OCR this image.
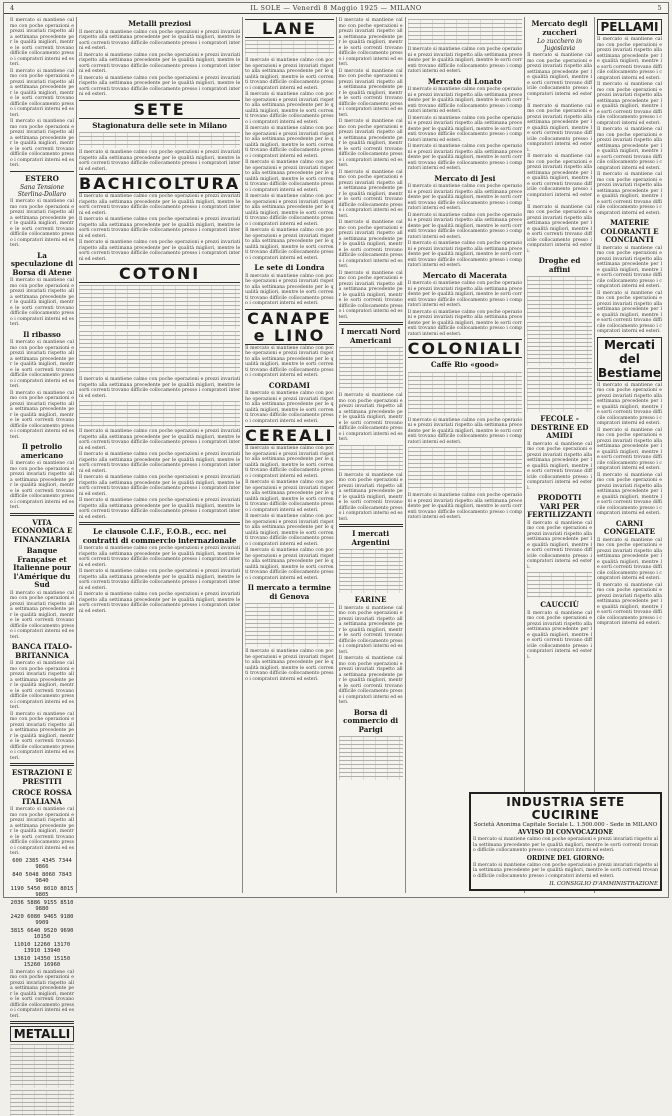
4	IL SOLE — Venerdì 8 Maggio 1925 — MILANO	5
Il mercato si mantiene calmo con poche operazioni e prezzi invariati rispetto alla settimana precedente per le qualità migliori, mentre le sorti correnti trovano difficile collocamento presso i compratori interni ed esteri.
Il mercato si mantiene calmo con poche operazioni e prezzi invariati rispetto alla settimana precedente per le qualità migliori, mentre le sorti correnti trovano difficile collocamento presso i compratori interni ed esteri.
Il mercato si mantiene calmo con poche operazioni e prezzi invariati rispetto alla settimana precedente per le qualità migliori, mentre le sorti correnti trovano difficile collocamento presso i compratori interni ed esteri.
ESTERO
Sana Tensione Sterlina-Dollaro
Il mercato si mantiene calmo con poche operazioni e prezzi invariati rispetto alla settimana precedente per le qualità migliori, mentre le sorti correnti trovano difficile collocamento presso i compratori interni ed esteri.
La speculazione di Borsa di Atene
Il mercato si mantiene calmo con poche operazioni e prezzi invariati rispetto alla settimana precedente per le qualità migliori, mentre le sorti correnti trovano difficile collocamento presso i compratori interni ed esteri.
Il ribasso
Il mercato si mantiene calmo con poche operazioni e prezzi invariati rispetto alla settimana precedente per le qualità migliori, mentre le sorti correnti trovano difficile collocamento presso i compratori interni ed esteri.
Il mercato si mantiene calmo con poche operazioni e prezzi invariati rispetto alla settimana precedente per le qualità migliori, mentre le sorti correnti trovano difficile collocamento presso i compratori interni ed esteri.
Il petrolio americano
Il mercato si mantiene calmo con poche operazioni e prezzi invariati rispetto alla settimana precedente per le qualità migliori, mentre le sorti correnti trovano difficile collocamento presso i compratori interni ed esteri.
VITA ECONOMICA E FINANZIARIA
Banque Française et Italienne pour l'Amérique du Sud
Il mercato si mantiene calmo con poche operazioni e prezzi invariati rispetto alla settimana precedente per le qualità migliori, mentre le sorti correnti trovano difficile collocamento presso i compratori interni ed esteri.
BANCA ITALO-BRITANNICA
Il mercato si mantiene calmo con poche operazioni e prezzi invariati rispetto alla settimana precedente per le qualità migliori, mentre le sorti correnti trovano difficile collocamento presso i compratori interni ed esteri.
Il mercato si mantiene calmo con poche operazioni e prezzi invariati rispetto alla settimana precedente per le qualità migliori, mentre le sorti correnti trovano difficile collocamento presso i compratori interni ed esteri.
ESTRAZIONI E PRESTITI
CROCE ROSSA ITALIANA
Il mercato si mantiene calmo con poche operazioni e prezzi invariati rispetto alla settimana precedente per le qualità migliori, mentre le sorti correnti trovano difficile collocamento presso i compratori interni ed esteri.
600 2385 4345 7344 9866
840 5048 8060 7843 9840
1190 5450 8010 8015 9805
2036 5886 9155 8510 9880
2420 6080 9465 9180 9909
3815 6640 9520 9690 10150
11010 12260 13170 13910 13940
13610 14350 15150 15260 16960
Il mercato si mantiene calmo con poche operazioni e prezzi invariati rispetto alla settimana precedente per le qualità migliori, mentre le sorti correnti trovano difficile collocamento presso i compratori interni ed esteri.
METALLI
Metalli preziosi
Il mercato si mantiene calmo con poche operazioni e prezzi invariati rispetto alla settimana precedente per le qualità migliori, mentre le sorti correnti trovano difficile collocamento presso i compratori interni ed esteri.
Il mercato si mantiene calmo con poche operazioni e prezzi invariati rispetto alla settimana precedente per le qualità migliori, mentre le sorti correnti trovano difficile collocamento presso i compratori interni ed esteri.
Il mercato si mantiene calmo con poche operazioni e prezzi invariati rispetto alla settimana precedente per le qualità migliori, mentre le sorti correnti trovano difficile collocamento presso i compratori interni ed esteri.
SETE
Stagionatura delle sete in Milano
Il mercato si mantiene calmo con poche operazioni e prezzi invariati rispetto alla settimana precedente per le qualità migliori, mentre le sorti correnti trovano difficile collocamento presso i compratori interni ed esteri.
BACHICOLTURA
Il mercato si mantiene calmo con poche operazioni e prezzi invariati rispetto alla settimana precedente per le qualità migliori, mentre le sorti correnti trovano difficile collocamento presso i compratori interni ed esteri.
Il mercato si mantiene calmo con poche operazioni e prezzi invariati rispetto alla settimana precedente per le qualità migliori, mentre le sorti correnti trovano difficile collocamento presso i compratori interni ed esteri.
Il mercato si mantiene calmo con poche operazioni e prezzi invariati rispetto alla settimana precedente per le qualità migliori, mentre le sorti correnti trovano difficile collocamento presso i compratori interni ed esteri.
COTONI
Il mercato si mantiene calmo con poche operazioni e prezzi invariati rispetto alla settimana precedente per le qualità migliori, mentre le sorti correnti trovano difficile collocamento presso i compratori interni ed esteri.
Il mercato si mantiene calmo con poche operazioni e prezzi invariati rispetto alla settimana precedente per le qualità migliori, mentre le sorti correnti trovano difficile collocamento presso i compratori interni ed esteri.
Il mercato si mantiene calmo con poche operazioni e prezzi invariati rispetto alla settimana precedente per le qualità migliori, mentre le sorti correnti trovano difficile collocamento presso i compratori interni ed esteri.
Il mercato si mantiene calmo con poche operazioni e prezzi invariati rispetto alla settimana precedente per le qualità migliori, mentre le sorti correnti trovano difficile collocamento presso i compratori interni ed esteri.
Il mercato si mantiene calmo con poche operazioni e prezzi invariati rispetto alla settimana precedente per le qualità migliori, mentre le sorti correnti trovano difficile collocamento presso i compratori interni ed esteri.
Le clausole C.I.F., F.O.B., ecc. nei contratti di commercio internazionale
Il mercato si mantiene calmo con poche operazioni e prezzi invariati rispetto alla settimana precedente per le qualità migliori, mentre le sorti correnti trovano difficile collocamento presso i compratori interni ed esteri.
Il mercato si mantiene calmo con poche operazioni e prezzi invariati rispetto alla settimana precedente per le qualità migliori, mentre le sorti correnti trovano difficile collocamento presso i compratori interni ed esteri.
Il mercato si mantiene calmo con poche operazioni e prezzi invariati rispetto alla settimana precedente per le qualità migliori, mentre le sorti correnti trovano difficile collocamento presso i compratori interni ed esteri.
LANE
Il mercato si mantiene calmo con poche operazioni e prezzi invariati rispetto alla settimana precedente per le qualità migliori, mentre le sorti correnti trovano difficile collocamento presso i compratori interni ed esteri.
Il mercato si mantiene calmo con poche operazioni e prezzi invariati rispetto alla settimana precedente per le qualità migliori, mentre le sorti correnti trovano difficile collocamento presso i compratori interni ed esteri.
Il mercato si mantiene calmo con poche operazioni e prezzi invariati rispetto alla settimana precedente per le qualità migliori, mentre le sorti correnti trovano difficile collocamento presso i compratori interni ed esteri.
Il mercato si mantiene calmo con poche operazioni e prezzi invariati rispetto alla settimana precedente per le qualità migliori, mentre le sorti correnti trovano difficile collocamento presso i compratori interni ed esteri.
Il mercato si mantiene calmo con poche operazioni e prezzi invariati rispetto alla settimana precedente per le qualità migliori, mentre le sorti correnti trovano difficile collocamento presso i compratori interni ed esteri.
Il mercato si mantiene calmo con poche operazioni e prezzi invariati rispetto alla settimana precedente per le qualità migliori, mentre le sorti correnti trovano difficile collocamento presso i compratori interni ed esteri.
Le sete di Londra
Il mercato si mantiene calmo con poche operazioni e prezzi invariati rispetto alla settimana precedente per le qualità migliori, mentre le sorti correnti trovano difficile collocamento presso i compratori interni ed esteri.
CANAPE e LINO
Il mercato si mantiene calmo con poche operazioni e prezzi invariati rispetto alla settimana precedente per le qualità migliori, mentre le sorti correnti trovano difficile collocamento presso i compratori interni ed esteri.
CORDAMI
Il mercato si mantiene calmo con poche operazioni e prezzi invariati rispetto alla settimana precedente per le qualità migliori, mentre le sorti correnti trovano difficile collocamento presso i compratori interni ed esteri.
CEREALI
Il mercato si mantiene calmo con poche operazioni e prezzi invariati rispetto alla settimana precedente per le qualità migliori, mentre le sorti correnti trovano difficile collocamento presso i compratori interni ed esteri.
Il mercato si mantiene calmo con poche operazioni e prezzi invariati rispetto alla settimana precedente per le qualità migliori, mentre le sorti correnti trovano difficile collocamento presso i compratori interni ed esteri.
Il mercato si mantiene calmo con poche operazioni e prezzi invariati rispetto alla settimana precedente per le qualità migliori, mentre le sorti correnti trovano difficile collocamento presso i compratori interni ed esteri.
Il mercato si mantiene calmo con poche operazioni e prezzi invariati rispetto alla settimana precedente per le qualità migliori, mentre le sorti correnti trovano difficile collocamento presso i compratori interni ed esteri.
Il mercato a termine di Genova
Il mercato si mantiene calmo con poche operazioni e prezzi invariati rispetto alla settimana precedente per le qualità migliori, mentre le sorti correnti trovano difficile collocamento presso i compratori interni ed esteri.
Il mercato si mantiene calmo con poche operazioni e prezzi invariati rispetto alla settimana precedente per le qualità migliori, mentre le sorti correnti trovano difficile collocamento presso i compratori interni ed esteri.
Il mercato si mantiene calmo con poche operazioni e prezzi invariati rispetto alla settimana precedente per le qualità migliori, mentre le sorti correnti trovano difficile collocamento presso i compratori interni ed esteri.
Il mercato si mantiene calmo con poche operazioni e prezzi invariati rispetto alla settimana precedente per le qualità migliori, mentre le sorti correnti trovano difficile collocamento presso i compratori interni ed esteri.
Il mercato si mantiene calmo con poche operazioni e prezzi invariati rispetto alla settimana precedente per le qualità migliori, mentre le sorti correnti trovano difficile collocamento presso i compratori interni ed esteri.
Il mercato si mantiene calmo con poche operazioni e prezzi invariati rispetto alla settimana precedente per le qualità migliori, mentre le sorti correnti trovano difficile collocamento presso i compratori interni ed esteri.
Il mercato si mantiene calmo con poche operazioni e prezzi invariati rispetto alla settimana precedente per le qualità migliori, mentre le sorti correnti trovano difficile collocamento presso i compratori interni ed esteri.
I mercati Nord Americani
Il mercato si mantiene calmo con poche operazioni e prezzi invariati rispetto alla settimana precedente per le qualità migliori, mentre le sorti correnti trovano difficile collocamento presso i compratori interni ed esteri.
Il mercato si mantiene calmo con poche operazioni e prezzi invariati rispetto alla settimana precedente per le qualità migliori, mentre le sorti correnti trovano difficile collocamento presso i compratori interni ed esteri.
I mercati Argentini
FARINE
Il mercato si mantiene calmo con poche operazioni e prezzi invariati rispetto alla settimana precedente per le qualità migliori, mentre le sorti correnti trovano difficile collocamento presso i compratori interni ed esteri.
Il mercato si mantiene calmo con poche operazioni e prezzi invariati rispetto alla settimana precedente per le qualità migliori, mentre le sorti correnti trovano difficile collocamento presso i compratori interni ed esteri.
Borsa di commercio di Parigi
Il mercato si mantiene calmo con poche operazioni e prezzi invariati rispetto alla settimana precedente per le qualità migliori, mentre le sorti correnti trovano difficile collocamento presso i compratori interni ed esteri.
Mercato di Lonato
Il mercato si mantiene calmo con poche operazioni e prezzi invariati rispetto alla settimana precedente per le qualità migliori, mentre le sorti correnti trovano difficile collocamento presso i compratori interni ed esteri.
Il mercato si mantiene calmo con poche operazioni e prezzi invariati rispetto alla settimana precedente per le qualità migliori, mentre le sorti correnti trovano difficile collocamento presso i compratori interni ed esteri.
Il mercato si mantiene calmo con poche operazioni e prezzi invariati rispetto alla settimana precedente per le qualità migliori, mentre le sorti correnti trovano difficile collocamento presso i compratori interni ed esteri.
Mercato di Jesi
Il mercato si mantiene calmo con poche operazioni e prezzi invariati rispetto alla settimana precedente per le qualità migliori, mentre le sorti correnti trovano difficile collocamento presso i compratori interni ed esteri.
Il mercato si mantiene calmo con poche operazioni e prezzi invariati rispetto alla settimana precedente per le qualità migliori, mentre le sorti correnti trovano difficile collocamento presso i compratori interni ed esteri.
Il mercato si mantiene calmo con poche operazioni e prezzi invariati rispetto alla settimana precedente per le qualità migliori, mentre le sorti correnti trovano difficile collocamento presso i compratori interni ed esteri.
Mercato di Macerata
Il mercato si mantiene calmo con poche operazioni e prezzi invariati rispetto alla settimana precedente per le qualità migliori, mentre le sorti correnti trovano difficile collocamento presso i compratori interni ed esteri.
Il mercato si mantiene calmo con poche operazioni e prezzi invariati rispetto alla settimana precedente per le qualità migliori, mentre le sorti correnti trovano difficile collocamento presso i compratori interni ed esteri.
COLONIALI
Caffè Rio «good»
Il mercato si mantiene calmo con poche operazioni e prezzi invariati rispetto alla settimana precedente per le qualità migliori, mentre le sorti correnti trovano difficile collocamento presso i compratori interni ed esteri.
Il mercato si mantiene calmo con poche operazioni e prezzi invariati rispetto alla settimana precedente per le qualità migliori, mentre le sorti correnti trovano difficile collocamento presso i compratori interni ed esteri.
Mercato degli zuccheri
Lo zucchero in Jugoslavia
Il mercato si mantiene calmo con poche operazioni e prezzi invariati rispetto alla settimana precedente per le qualità migliori, mentre le sorti correnti trovano difficile collocamento presso i compratori interni ed esteri.
Il mercato si mantiene calmo con poche operazioni e prezzi invariati rispetto alla settimana precedente per le qualità migliori, mentre le sorti correnti trovano difficile collocamento presso i compratori interni ed esteri.
Il mercato si mantiene calmo con poche operazioni e prezzi invariati rispetto alla settimana precedente per le qualità migliori, mentre le sorti correnti trovano difficile collocamento presso i compratori interni ed esteri.
Il mercato si mantiene calmo con poche operazioni e prezzi invariati rispetto alla settimana precedente per le qualità migliori, mentre le sorti correnti trovano difficile collocamento presso i compratori interni ed esteri.
Droghe ed affini
FECOLE - DESTRINE ED AMIDI
Il mercato si mantiene calmo con poche operazioni e prezzi invariati rispetto alla settimana precedente per le qualità migliori, mentre le sorti correnti trovano difficile collocamento presso i compratori interni ed esteri.
PRODOTTI VARI PER FERTILIZZANTI
Il mercato si mantiene calmo con poche operazioni e prezzi invariati rispetto alla settimana precedente per le qualità migliori, mentre le sorti correnti trovano difficile collocamento presso i compratori interni ed esteri.
CAUCCIÙ
Il mercato si mantiene calmo con poche operazioni e prezzi invariati rispetto alla settimana precedente per le qualità migliori, mentre le sorti correnti trovano difficile collocamento presso i compratori interni ed esteri.
PELLAMI
Il mercato si mantiene calmo con poche operazioni e prezzi invariati rispetto alla settimana precedente per le qualità migliori, mentre le sorti correnti trovano difficile collocamento presso i compratori interni ed esteri.
Il mercato si mantiene calmo con poche operazioni e prezzi invariati rispetto alla settimana precedente per le qualità migliori, mentre le sorti correnti trovano difficile collocamento presso i compratori interni ed esteri.
Il mercato si mantiene calmo con poche operazioni e prezzi invariati rispetto alla settimana precedente per le qualità migliori, mentre le sorti correnti trovano difficile collocamento presso i compratori interni ed esteri.
Il mercato si mantiene calmo con poche operazioni e prezzi invariati rispetto alla settimana precedente per le qualità migliori, mentre le sorti correnti trovano difficile collocamento presso i compratori interni ed esteri.
MATERIE COLORANTI E CONCIANTI
Il mercato si mantiene calmo con poche operazioni e prezzi invariati rispetto alla settimana precedente per le qualità migliori, mentre le sorti correnti trovano difficile collocamento presso i compratori interni ed esteri.
Il mercato si mantiene calmo con poche operazioni e prezzi invariati rispetto alla settimana precedente per le qualità migliori, mentre le sorti correnti trovano difficile collocamento presso i compratori interni ed esteri.
Mercati del Bestiame
Il mercato si mantiene calmo con poche operazioni e prezzi invariati rispetto alla settimana precedente per le qualità migliori, mentre le sorti correnti trovano difficile collocamento presso i compratori interni ed esteri.
Il mercato si mantiene calmo con poche operazioni e prezzi invariati rispetto alla settimana precedente per le qualità migliori, mentre le sorti correnti trovano difficile collocamento presso i compratori interni ed esteri.
Il mercato si mantiene calmo con poche operazioni e prezzi invariati rispetto alla settimana precedente per le qualità migliori, mentre le sorti correnti trovano difficile collocamento presso i compratori interni ed esteri.
CARNI CONGELATE
Il mercato si mantiene calmo con poche operazioni e prezzi invariati rispetto alla settimana precedente per le qualità migliori, mentre le sorti correnti trovano difficile collocamento presso i compratori interni ed esteri.
Il mercato si mantiene calmo con poche operazioni e prezzi invariati rispetto alla settimana precedente per le qualità migliori, mentre le sorti correnti trovano difficile collocamento presso i compratori interni ed esteri.
INDUSTRIA SETE CUCIRINE
Società Anonima Capitale Sociale L. 1.500.000 - Sede in MILANO
AVVISO DI CONVOCAZIONE
Il mercato si mantiene calmo con poche operazioni e prezzi invariati rispetto alla settimana precedente per le qualità migliori, mentre le sorti correnti trovano difficile collocamento presso i compratori interni ed esteri.
ORDINE DEL GIORNO:
Il mercato si mantiene calmo con poche operazioni e prezzi invariati rispetto alla settimana precedente per le qualità migliori, mentre le sorti correnti trovano difficile collocamento presso i compratori interni ed esteri.
IL CONSIGLIO D'AMMINISTRAZIONE
